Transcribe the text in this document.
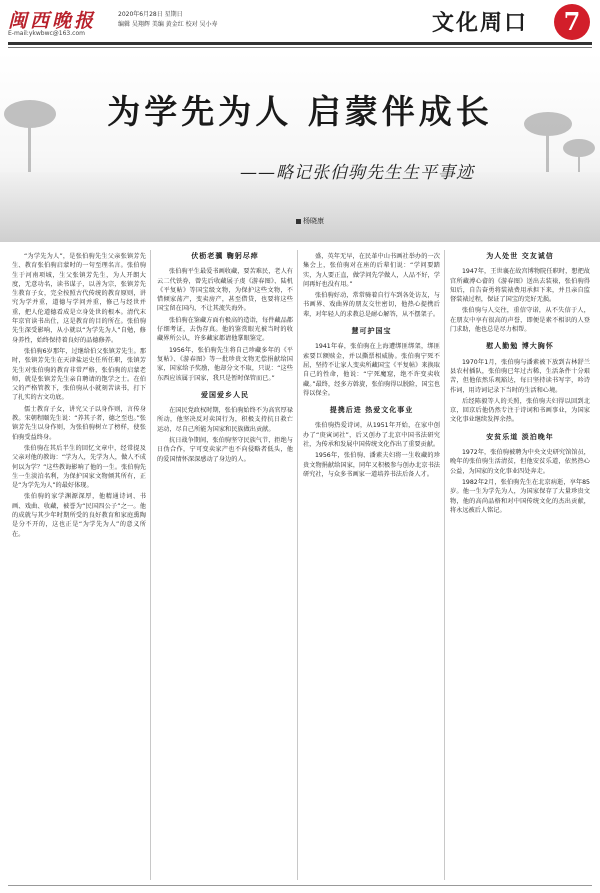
闽西晚报	2020年6月28日 星期日
编辑 吴翔辉 美编 黄金红 校对 吴小寿
E-mail:ykwbwc@163.com	文化周口	7
为学先为人 启蒙伴成长
——略记张伯驹先生生平事迹
杨晓康

“为学先为人”，是张伯驹先生父亲张镇芳先生、教育张伯驹启蒙时的一句至理名言。张伯驹生于河南项城，生父张镇芳先生，为人开朗大度，无意功名，读书谋子，以善为宗，张镇芳先生教育子女，完全按照古代传统的教育原则，讲究为学并重，道德与学问并重，修己与经世并重，把人伦道德看成是立身处世的根本。清代末年京官读书出仕，这是教育的目的所在。张伯驹先生深受影响，从小就以“为学先为人”自勉，修身养性，始终保持着良好的品德修养。

张伯驹6岁那年，过继给伯父张镇芳先生。那时，张镇芳先生在天津盐运史任所任职，张镇芳先生对张伯驹的教育非常严格，张伯驹的启蒙老师，就是张镇芳先生亲自聘请的饱学之士。在伯父的严格管教下，张伯驹从小就刻苦读书，打下了扎实的古文功底。

儒士教育子女，讲究父子以身作则，言传身教。宋朝程颐先生说：“养其子者，德之至也。”张镇芳先生以身作则，为张伯驹树立了榜样，使张伯驹受益终身。

张伯驹在其后半生的回忆文章中，经常提及父亲对他的教诲：“学为人，先学为人，做人不成何以为学？”这些教诲影响了他的一生。张伯驹先生一生淡泊名利，为保护国家文物倾其所有，正是“为学先为人”的最好体现。

张伯驹的家学渊源深厚，他精通诗词、书画、戏曲、收藏，被誉为“民国四公子”之一。他的成就与其少年时期所受的良好教育和家庭熏陶是分不开的，这也正是“为学先为人”的意义所在。

伏枥老骥 鞠躬尽瘁

张伯驹平生最爱书画收藏，要苦难民，老人有云二代铁券，曾先后收藏展子虔《游春图》、陆机《平复帖》等国宝级文物，为保护这些文物，不惜倾家荡产，变卖房产，甚至借贷，也要将这些国宝留在国内，不让其流失海外。

张伯驹在鉴藏方面有极高的造诣，每件藏品都仔细考证，去伪存真。他的鉴赏眼光被当时的收藏界所公认，许多藏家都请他掌眼鉴定。

1956年，张伯驹先生将自己珍藏多年的《平复帖》、《游春图》等一批珍贵文物无偿捐献给国家，国家给予奖励，他却分文不取，只说：“这些东西应该属于国家，我只是暂时保管而已。”

爱国爱乡人民

在国民党政权时期，张伯驹始终不为高官厚禄所动，他坚决反对卖国行为，积极支持抗日救亡运动，尽自己所能为国家和民族做出贡献。

抗日战争期间，张伯驹坚守民族气节，拒绝与日伪合作，宁可变卖家产也不向侵略者低头，他的爱国情怀深深感动了身边的人。

盛，英年无早，在民革中山书画社举办的一次集会上，张伯驹对在座的后辈们说：“学问要踏实，为人要正直，做学问先学做人，人品不好，学问再好也没有用。”

张伯驹好动，常常骑着自行车到各处访友，与书画界、戏曲界的朋友交往密切，他热心提携后辈，对年轻人的求教总是耐心解答，从不摆架子。

慧可护国宝

1941年春，张伯驹在上海遭绑匪绑架，绑匪索要巨额赎金，并以撕票相威胁。张伯驹宁死不屈，坚持不让家人变卖所藏国宝《平复帖》来换取自己的性命，他说：“宁死魔窟，绝不许变卖收藏。”最终，经多方斡旋，张伯驹得以脱险，国宝也得以保全。

提携后进 热爱文化事业

张伯驹热爱诗词，从1951年开始，在家中创办了“庚寅词社”，后又创办了北京中国书法研究社，为传承和发展中国传统文化作出了重要贡献。

1956年，张伯驹、潘素夫妇将一生收藏的珍贵文物捐献给国家，同年又积极参与创办北京书法研究社，与众多书画家一道培养书法后备人才。

为人处世 交友诚信

1947年，王世襄在故宫博物院任职时，想把故宫所藏溥心畲的《游春图》送出去装裱，张伯驹得知后，自告奋勇将装裱费用承担下来，并且亲自监督装裱过程，保证了国宝的完好无损。

张伯驹与人交往，重信守诺，从不失信于人，在朋友中享有很高的声誉，即便是素不相识的人登门求助，他也总是尽力相帮。

慰人勤勉 博大胸怀

1970年1月，张伯驹与潘素被下放到吉林舒兰县农村插队，张伯驹已年过古稀，生活条件十分艰苦，但他依然乐观豁达，每日坚持读书写字，吟诗作词，用诗词记录下当时的生活和心境。

后经陈毅等人的关照，张伯驹夫妇得以回到北京，回京后他仍然专注于诗词和书画事业，为国家文化事业继续发挥余热。

安贫乐道 淡泊晚年

1972年，张伯驹被聘为中央文史研究馆馆员，晚年的张伯驹生活清贫，但他安贫乐道，依然热心公益，为国家的文化事业四处奔走。

1982年2月，张伯驹先生在北京病逝，享年85岁。他一生为学先为人，为国家保存了大量珍贵文物，他的高尚品格和对中国传统文化的杰出贡献，将永远被后人铭记。
